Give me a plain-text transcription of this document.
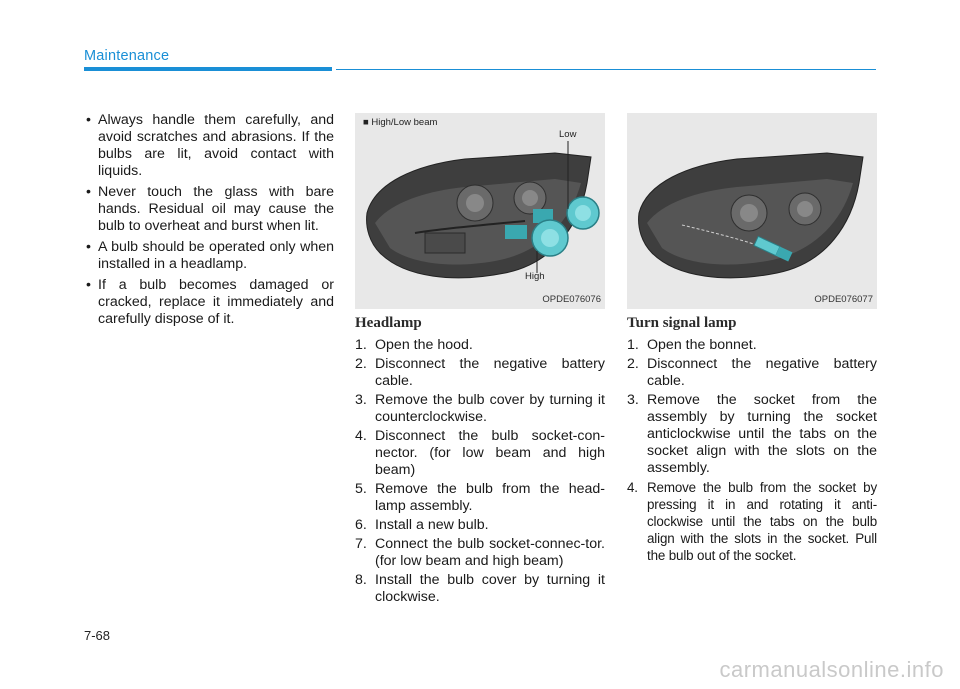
Maintenance
• Always handle them carefully, and avoid scratches and abrasions. If the bulbs are lit, avoid contact with liquids.
• Never touch the glass with bare hands. Residual oil may cause the bulb to overheat and burst when lit.
• A bulb should be operated only when installed in a headlamp.
• If a bulb becomes damaged or cracked, replace it immediately and carefully dispose of it.
■ High/Low beam
Low
High
OPDE076076	OPDE076077
Headlamp
1. Open the hood.
2. Disconnect the negative battery cable.
3. Remove the bulb cover by turning it counterclockwise.
4. Disconnect the bulb socket-con-nector. (for low beam and high beam)
5. Remove the bulb from the head-lamp assembly.
6. Install a new bulb.
7. Connect the bulb socket-connec-tor. (for low beam and high beam)
8. Install the bulb cover by turning it clockwise.
Turn signal lamp
1. Open the bonnet.
2. Disconnect the negative battery cable.
3. Remove the socket from the assembly by turning the socket anticlockwise until the tabs on the socket align with the slots on the assembly.
4. Remove the bulb from the socket by pressing it in and rotating it anti-clockwise until the tabs on the bulb align with the slots in the socket. Pull the bulb out of the socket.
7-68
carmanualsonline.info
